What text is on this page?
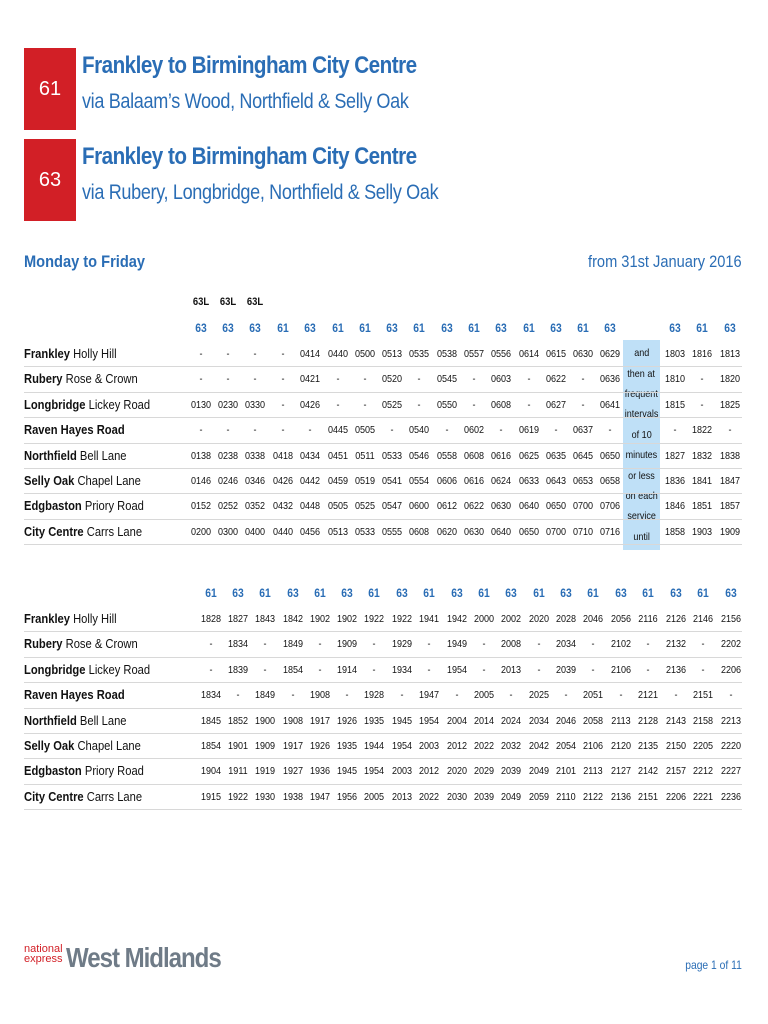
61
Frankley to Birmingham City Centre
via Balaam’s Wood, Northfield & Selly Oak
63
Frankley to Birmingham City Centre
via Rubery, Longbridge, Northfield & Selly Oak
Monday to Friday	from 31st January 2016
and
then at
frequent
intervals
of 10
minutes
or less
on each
service
until
63L 63L 63L
63	63	63	61	63	61	61	63	61	63	61	63	61	63	61	63	63	61	63
Frankley Holly Hill	-	-	-	-	0414 0440 0500 0513 0535 0538 0557 0556 0614 0615 0630 0629	1803 1816 1813
Rubery Rose & Crown	-	-	-	-	0421	-	-	0520	-	0545	-	0603	-	0622	-	0636	1810	-	1820
Longbridge Lickey Road	0130 0230 0330	-	0426	-	-	0525	-	0550	-	0608	-	0627	-	0641	1815	-	1825
Raven Hayes Road	-	-	-	-	-	0445 0505	-	0540	-	0602	-	0619	-	0637	-	-	1822	-
Northfield Bell Lane	0138 0238 0338 0418 0434 0451 0511 0533 0546 0558 0608 0616 0625 0635 0645 0650	1827 1832 1838
Selly Oak Chapel Lane	0146 0246 0346 0426 0442 0459 0519 0541 0554 0606 0616 0624 0633 0643 0653 0658	1836 1841 1847
Edgbaston Priory Road	0152 0252 0352 0432 0448 0505 0525 0547 0600 0612 0622 0630 0640 0650 0700 0706	1846 1851 1857
City Centre Carrs Lane	0200 0300 0400 0440 0456 0513 0533 0555 0608 0620 0630 0640 0650 0700 0710 0716	1858 1903 1909
61	63	61	63	61	63	61	63	61	63	61	63	61	63	61	63	61	63	61	63
Frankley Holly Hill	1828 1827 1843 1842 1902 1902 1922 1922 1941 1942 2000 2002 2020 2028 2046 2056 2116 2126 2146 2156
Rubery Rose & Crown	-	1834	-	1849	-	1909	-	1929	-	1949	-	2008	-	2034	-	2102	-	2132	-	2202
Longbridge Lickey Road	-	1839	-	1854	-	1914	-	1934	-	1954	-	2013	-	2039	-	2106	-	2136	-	2206
Raven Hayes Road	1834	-	1849	-	1908	-	1928	-	1947	-	2005	-	2025	-	2051	-	2121	-	2151	-
Northfield Bell Lane	1845 1852 1900 1908 1917 1926 1935 1945 1954 2004 2014 2024 2034 2046 2058 2113 2128 2143 2158 2213
Selly Oak Chapel Lane	1854 1901 1909 1917 1926 1935 1944 1954 2003 2012 2022 2032 2042 2054 2106 2120 2135 2150 2205 2220
Edgbaston Priory Road	1904 1911 1919 1927 1936 1945 1954 2003 2012 2020 2029 2039 2049 2101 2113 2127 2142 2157 2212 2227
City Centre Carrs Lane	1915 1922 1930 1938 1947 1956 2005 2013 2022 2030 2039 2049 2059 2110 2122 2136 2151 2206 2221 2236
national
express West Midlands	page 1 of 11
